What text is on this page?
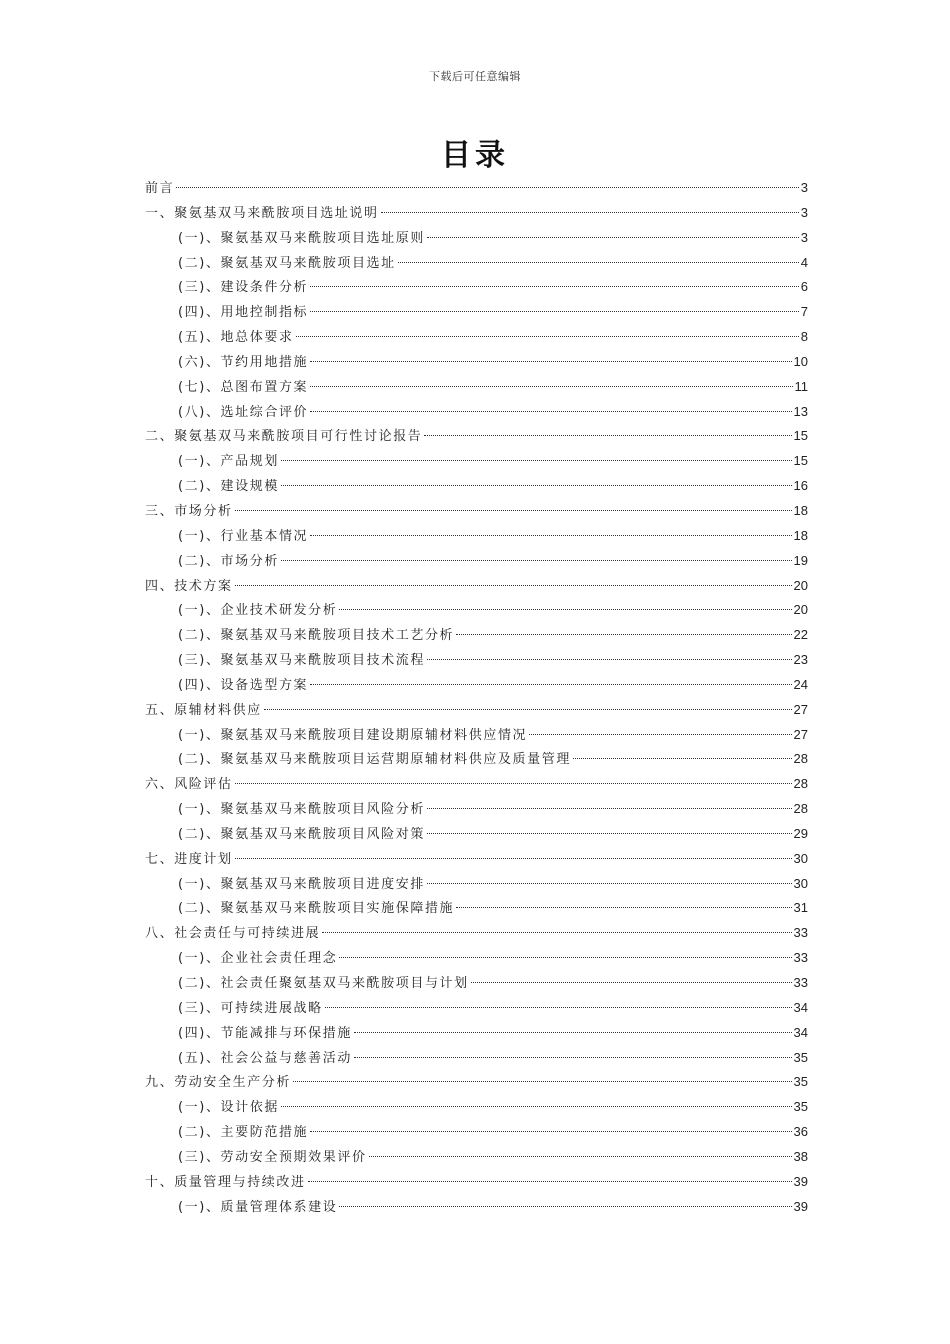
下载后可任意编辑
目录
前言	3
一、聚氨基双马来酰胺项目选址说明	3
(一)、聚氨基双马来酰胺项目选址原则	3
(二)、聚氨基双马来酰胺项目选址	4
(三)、建设条件分析	6
(四)、用地控制指标	7
(五)、地总体要求	8
(六)、节约用地措施	10
(七)、总图布置方案	11
(八)、选址综合评价	13
二、聚氨基双马来酰胺项目可行性讨论报告	15
(一)、产品规划	15
(二)、建设规模	16
三、市场分析	18
(一)、行业基本情况	18
(二)、市场分析	19
四、技术方案	20
(一)、企业技术研发分析	20
(二)、聚氨基双马来酰胺项目技术工艺分析	22
(三)、聚氨基双马来酰胺项目技术流程	23
(四)、设备选型方案	24
五、原辅材料供应	27
(一)、聚氨基双马来酰胺项目建设期原辅材料供应情况	27
(二)、聚氨基双马来酰胺项目运营期原辅材料供应及质量管理	28
六、风险评估	28
(一)、聚氨基双马来酰胺项目风险分析	28
(二)、聚氨基双马来酰胺项目风险对策	29
七、进度计划	30
(一)、聚氨基双马来酰胺项目进度安排	30
(二)、聚氨基双马来酰胺项目实施保障措施	31
八、社会责任与可持续进展	33
(一)、企业社会责任理念	33
(二)、社会责任聚氨基双马来酰胺项目与计划	33
(三)、可持续进展战略	34
(四)、节能减排与环保措施	34
(五)、社会公益与慈善活动	35
九、劳动安全生产分析	35
(一)、设计依据	35
(二)、主要防范措施	36
(三)、劳动安全预期效果评价	38
十、质量管理与持续改进	39
(一)、质量管理体系建设	39
